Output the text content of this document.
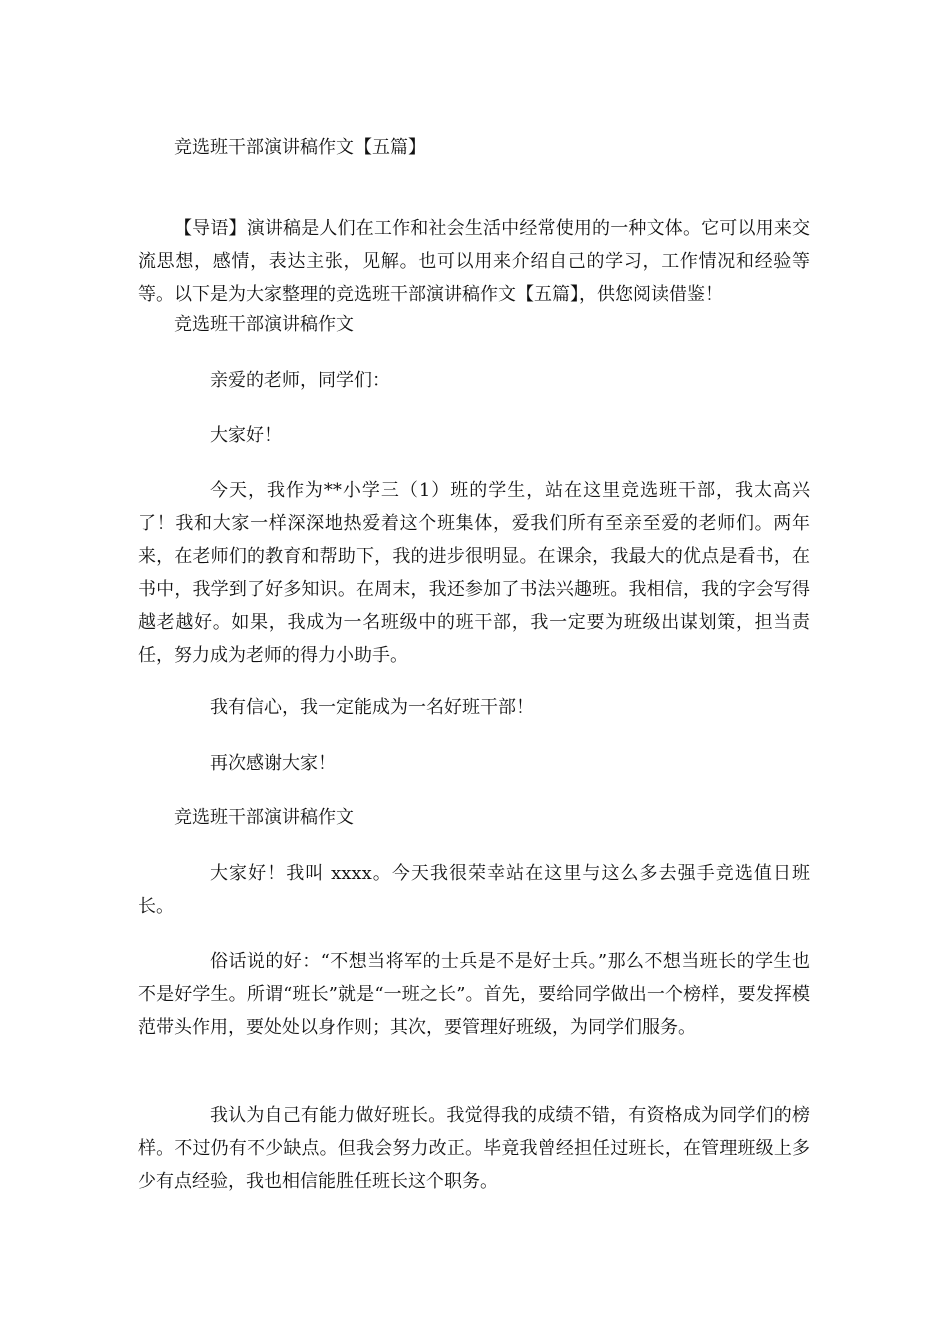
竞选班干部演讲稿作文【五篇】

【导语】演讲稿是人们在工作和社会生活中经常使用的一种文体。它可以用来交流思想，感情，表达主张，见解。也可以用来介绍自己的学习，工作情况和经验等等。以下是为大家整理的竞选班干部演讲稿作文【五篇】，供您阅读借鉴！

竞选班干部演讲稿作文

亲爱的老师，同学们：

大家好！

今天，我作为**小学三（1）班的学生，站在这里竞选班干部，我太高兴了！我和大家一样深深地热爱着这个班集体，爱我们所有至亲至爱的老师们。两年来，在老师们的教育和帮助下，我的进步很明显。在课余，我最大的优点是看书，在书中，我学到了好多知识。在周末，我还参加了书法兴趣班。我相信，我的字会写得越老越好。如果，我成为一名班级中的班干部，我一定要为班级出谋划策，担当责任，努力成为老师的得力小助手。

我有信心，我一定能成为一名好班干部！

再次感谢大家！

竞选班干部演讲稿作文

大家好！我叫 xxxx。今天我很荣幸站在这里与这么多去强手竞选值日班长。

俗话说的好：“不想当将军的士兵是不是好士兵。”那么不想当班长的学生也不是好学生。所谓“班长”就是“一班之长”。首先，要给同学做出一个榜样，要发挥模范带头作用，要处处以身作则；其次，要管理好班级，为同学们服务。

我认为自己有能力做好班长。我觉得我的成绩不错，有资格成为同学们的榜样。不过仍有不少缺点。但我会努力改正。毕竟我曾经担任过班长，在管理班级上多少有点经验，我也相信能胜任班长这个职务。
